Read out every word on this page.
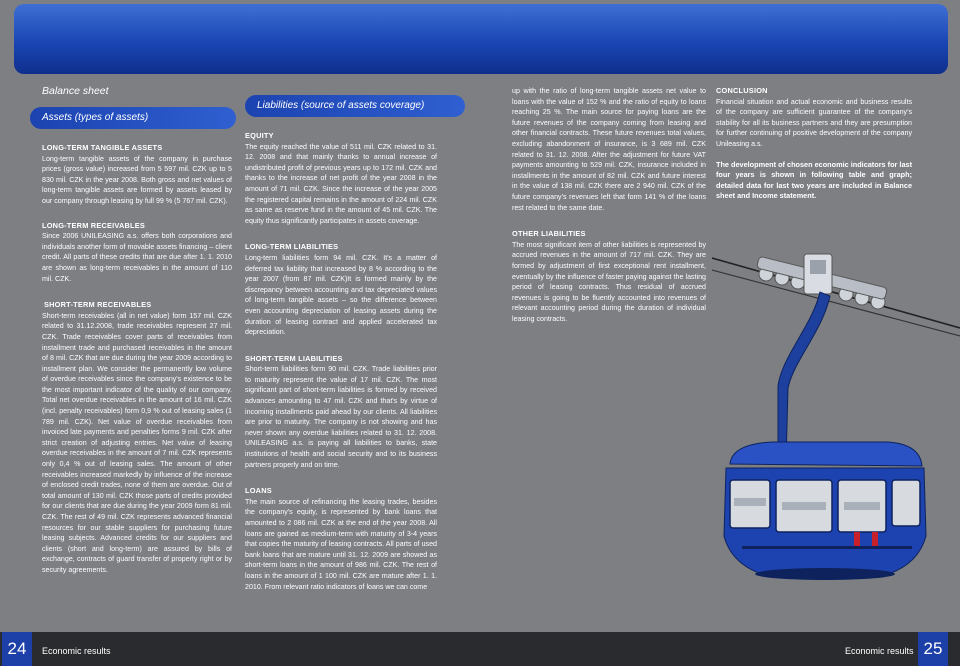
Balance sheet
Assets (types of assets)
LONG-TERM TANGIBLE ASSETS

Long-term tangible assets of the company in purchase prices (gross value) increased from 5 597 mil. CZK up to 5 830 mil. CZK in the year 2008. Both gross and net values of long-term tangible assets are formed by assets leased by our company through leasing by full 99 % (5 767 mil. CZK).

LONG-TERM RECEIVABLES

Since 2006 UNILEASING a.s. offers both corporations and individuals another form of movable assets financing – client credit. All parts of these credits that are due after 1. 1. 2010 are shown as long-term receivables in the amount of 110 mil. CZK.

SHORT-TERM RECEIVABLES

Short-term receivables (all in net value) form 157 mil. CZK related to 31.12.2008, trade receivables represent 27 mil. CZK. Trade receivables cover parts of receivables from installment trade and purchased receivables in the amount of 8 mil. CZK that are due during the year 2009 according to installment plan. We consider the permanently low volume of overdue receivables since the company's existence to be the most important indicator of the quality of our company. Total net overdue receivables in the amount of 16 mil. CZK (incl. penalty receivables) form 0,9 % out of leasing sales (1 789 mil. CZK). Net value of overdue receivables from invoiced late payments and penalties forms 9 mil. CZK after strict creation of adjusting entries. Net value of leasing overdue receivables in the amount of 7 mil. CZK represents only 0,4 % out of leasing sales. The amount of other receivables increased markedly by influence of the increase of enclosed credit trades, none of them are overdue. Out of total amount of 130 mil. CZK those parts of credits provided for our clients that are due during the year 2009 form 81 mil. CZK. The rest of 49 mil. CZK represents advanced financial resources for our stable suppliers for purchasing future leasing subjects. Advanced credits for our suppliers and clients (short and long-term) are assured by bills of exchange, contracts of guard transfer of property right or by security agreements.

Liabilities (source of assets coverage)
EQUITY

The equity reached the value of 511 mil. CZK related to 31. 12. 2008 and that mainly thanks to annual increase of undistributed profit of previous years up to 172 mil. CZK and thanks to the increase of net profit of the year 2008 in the amount of 71 mil. CZK. Since the increase of the year 2005 the registered capital remains in the amount of 224 mil. CZK as same as reserve fund in the amount of 45 mil. CZK. The equity thus significantly participates in assets coverage.

LONG-TERM LIABILITIES

Long-term liabilities form 94 mil. CZK. It's a matter of deferred tax liability that increased by 8 % according to the year 2007 (from 87 mil. CZK)It is formed mainly by the discrepancy between accounting and tax depreciated values of long-term tangible assets – so the difference between even accounting depreciation of leasing assets during the duration of leasing contract and applied accelerated tax depreciation.

SHORT-TERM LIABILITIES

Short-term liabilities form 90 mil. CZK. Trade liabilities prior to maturity represent the value of 17 mil. CZK. The most significant part of short-term liabilities is formed by received advances amounting to 47 mil. CZK and that's by virtue of incoming installments paid ahead by our clients. All liabilities are prior to maturity. The company is not showing and has never shown any overdue liabilities related to 31. 12. 2008. UNILEASING a.s. is paying all liabilities to banks, state institutions of health and social security and to its business partners properly and on time.

LOANS

The main source of refinancing the leasing trades, besides the company's equity, is represented by bank loans that amounted to 2 086 mil. CZK at the end of the year 2008. All loans are gained as medium-term with maturity of 3-4 years that copies the maturity of leasing contracts. All parts of used bank loans that are mature until 31. 12. 2009 are showed as short-term loans in the amount of 986 mil. CZK. The rest of loans in the amount of 1 100 mil. CZK are mature after 1. 1. 2010. From relevant ratio indicators of loans we can come

up with the ratio of long-term tangible assets net value to loans with the value of 152 % and the ratio of equity to loans reaching 25 %. The main source for paying loans are the future revenues of the company coming from leasing and other financial contracts. These future revenues total values, excluding abandonment of insurance, is 3 689 mil. CZK related to 31. 12. 2008. After the adjustment for future VAT payments amounting to 529 mil. CZK, insurance included in installments in the amount of 82 mil. CZK and future interest in the value of 138 mil. CZK there are 2 940 mil. CZK of the future company's revenues left that form 141 % of the loans rest related to the same date.

OTHER LIABILITIES

The most significant item of other liabilities is represented by accrued revenues in the amount of 717 mil. CZK. They are formed by adjustment of first exceptional rent installment, eventually by the influence of faster paying against the lasting period of leasing contracts. Thus residual of accrued revenues is going to be fluently accounted into revenues of relevant accounting period during the duration of individual leasing contracts.

CONCLUSION

Financial situation and actual economic and business results of the company are sufficient guarantee of the company's stability for all its business partners and they are presumption for further continuing of positive development of the company Unileasing a.s.

The development of chosen economic indicators for last four years is shown in following table and graph; detailed data for last two years are included in Balance sheet and Income statement.

24	Economic results	Economic results 25
